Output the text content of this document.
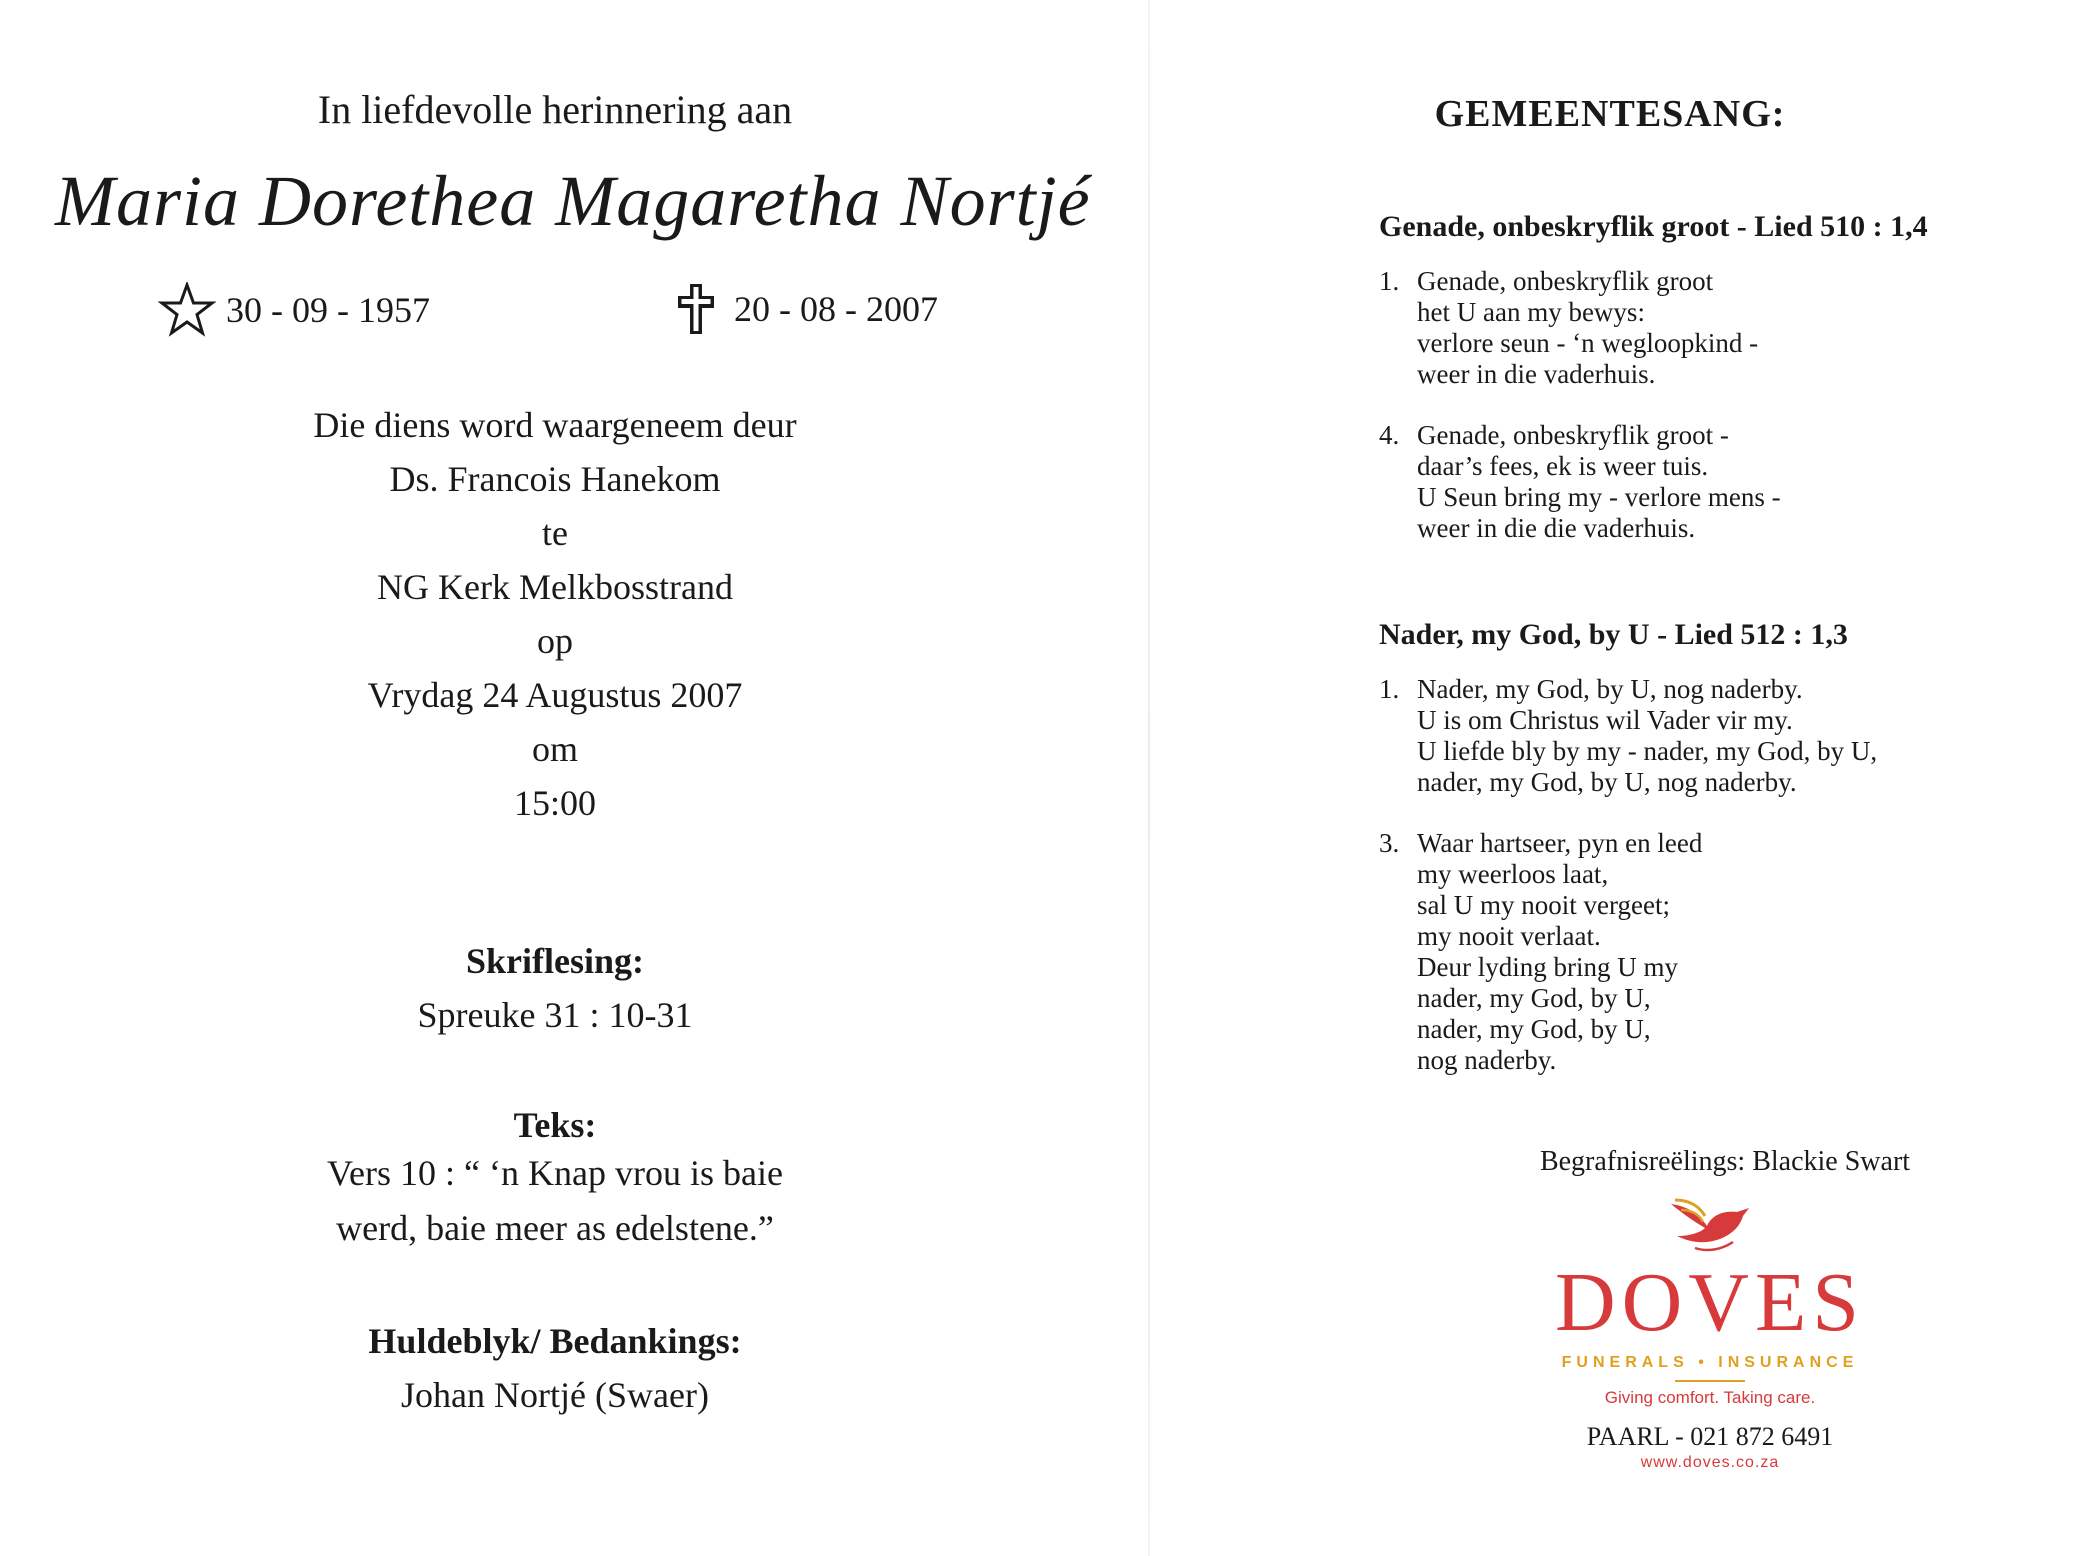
In liefdevolle herinnering aan
Maria Dorethea Magaretha Nortjé
30 - 09 - 1957	20 - 08 - 2007
Die diens word waargeneem deur
Ds. Francois Hanekom
te
NG Kerk Melkbosstrand
op
Vrydag 24 Augustus 2007
om
15:00
Skriflesing:
Spreuke 31 : 10-31
Teks:
Vers 10 : “ ‘n Knap vrou is baie
werd, baie meer as edelstene.”
Huldeblyk/ Bedankings:
Johan Nortjé (Swaer)
GEMEENTESANG:
Genade, onbeskryflik groot - Lied 510 : 1,4
1. Genade, onbeskryflik groot
het U aan my bewys:
verlore seun - ‘n wegloopkind -
weer in die vaderhuis.
4. Genade, onbeskryflik groot -
daar’s fees, ek is weer tuis.
U Seun bring my - verlore mens -
weer in die die vaderhuis.
Nader, my God, by U - Lied 512 : 1,3
1. Nader, my God, by U, nog naderby.
U is om Christus wil Vader vir my.
U liefde bly by my - nader, my God, by U,
nader, my God, by U, nog naderby.
3. Waar hartseer, pyn en leed
my weerloos laat,
sal U my nooit vergeet;
my nooit verlaat.
Deur lyding bring U my
nader, my God, by U,
nader, my God, by U,
nog naderby.
Begrafnisreëlings: Blackie Swart
DOVES
FUNERALS • INSURANCE
Giving comfort. Taking care.
PAARL - 021 872 6491
www.doves.co.za
